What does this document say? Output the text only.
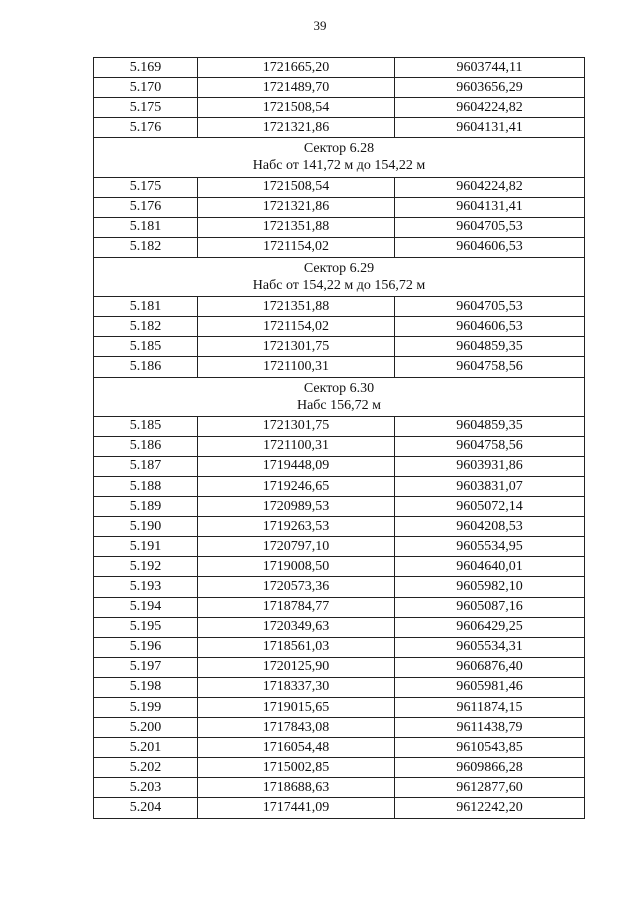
39
5.169	1721665,20	9603744,11
5.170	1721489,70	9603656,29
5.175	1721508,54	9604224,82
5.176	1721321,86	9604131,41

Сектор 6.28
Набс от 141,72 м до 154,22 м		

5.175	1721508,54	9604224,82
5.176	1721321,86	9604131,41
5.181	1721351,88	9604705,53
5.182	1721154,02	9604606,53

Сектор 6.29
Набс от 154,22 м до 156,72 м		

5.181	1721351,88	9604705,53
5.182	1721154,02	9604606,53
5.185	1721301,75	9604859,35
5.186	1721100,31	9604758,56

Сектор 6.30
Набс 156,72 м		

5.185	1721301,75	9604859,35
5.186	1721100,31	9604758,56
5.187	1719448,09	9603931,86
5.188	1719246,65	9603831,07
5.189	1720989,53	9605072,14
5.190	1719263,53	9604208,53
5.191	1720797,10	9605534,95
5.192	1719008,50	9604640,01
5.193	1720573,36	9605982,10
5.194	1718784,77	9605087,16
5.195	1720349,63	9606429,25
5.196	1718561,03	9605534,31
5.197	1720125,90	9606876,40
5.198	1718337,30	9605981,46
5.199	1719015,65	9611874,15
5.200	1717843,08	9611438,79
5.201	1716054,48	9610543,85
5.202	1715002,85	9609866,28
5.203	1718688,63	9612877,60
5.204	1717441,09	9612242,20
